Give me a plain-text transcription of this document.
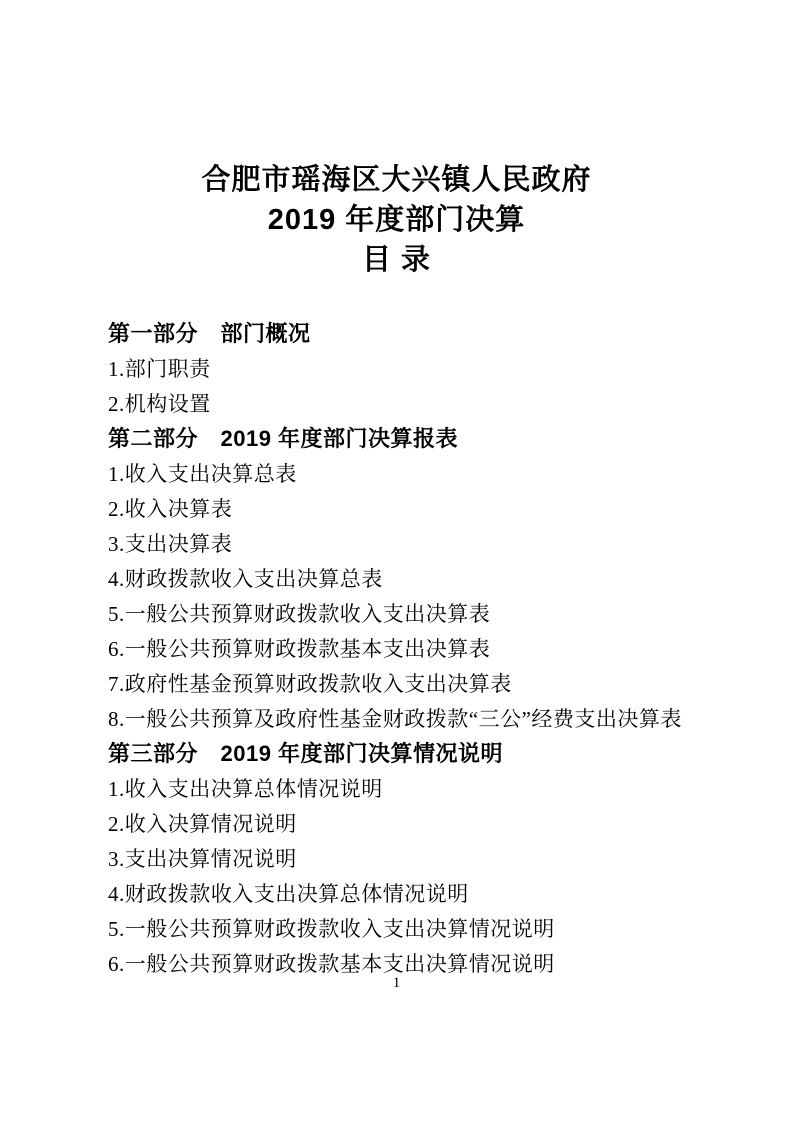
合肥市瑶海区大兴镇人民政府
2019 年度部门决算
目 录
第一部分　部门概况
1.部门职责
2.机构设置
第二部分　2019 年度部门决算报表
1.收入支出决算总表
2.收入决算表
3.支出决算表
4.财政拨款收入支出决算总表
5.一般公共预算财政拨款收入支出决算表
6.一般公共预算财政拨款基本支出决算表
7.政府性基金预算财政拨款收入支出决算表
8.一般公共预算及政府性基金财政拨款“三公”经费支出决算表
第三部分　2019 年度部门决算情况说明
1.收入支出决算总体情况说明
2.收入决算情况说明
3.支出决算情况说明
4.财政拨款收入支出决算总体情况说明
5.一般公共预算财政拨款收入支出决算情况说明
6.一般公共预算财政拨款基本支出决算情况说明
1
